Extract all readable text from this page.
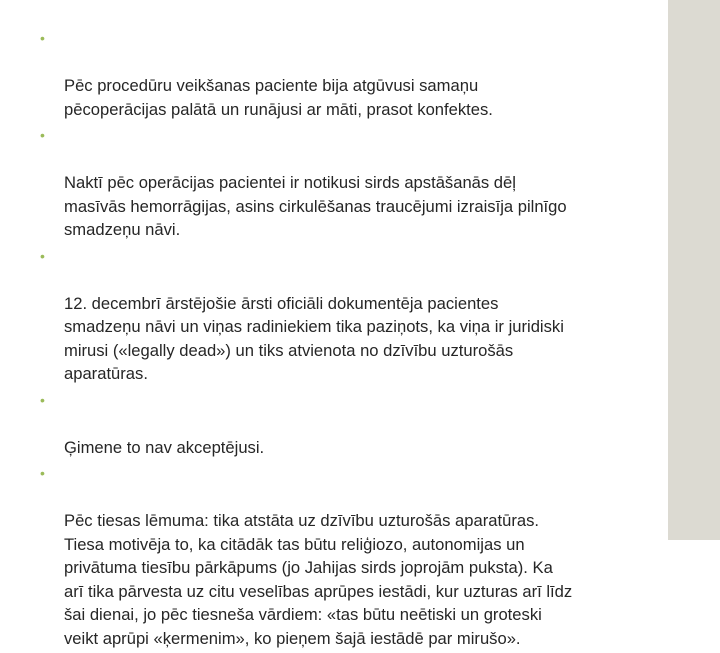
•

Pēc procedūru veikšanas paciente bija atgūvusi samaņu
pēcoperācijas palātā un runājusi ar māti, prasot konfektes.

•

Naktī pēc operācijas pacientei ir notikusi sirds apstāšanās dēļ
masīvās hemorrāgijas, asins cirkulēšanas traucējumi izraisīja pilnīgo
smadzeņu nāvi.

•

12. decembrī ārstējošie ārsti oficiāli dokumentēja pacientes
smadzeņu nāvi un viņas radiniekiem tika paziņots, ka viņa ir juridiski
mirusi («legally dead») un tiks atvienota no dzīvību uzturošās
aparatūras.

•

Ģimene to nav akceptējusi.

•

Pēc tiesas lēmuma: tika atstāta uz dzīvību uzturošās aparatūras.
Tiesa motivēja to, ka citādāk tas būtu reliģiozo, autonomijas un
privātuma tiesību pārkāpums (jo Jahijas sirds joprojām puksta). Ka
arī tika pārvesta uz citu veselības aprūpes iestādi, kur uzturas arī līdz
šai dienai, jo pēc tiesneša vārdiem: «tas būtu neētiski un groteski
veikt aprūpi «ķermenim», ko pieņem šajā iestādē par mirušo».
